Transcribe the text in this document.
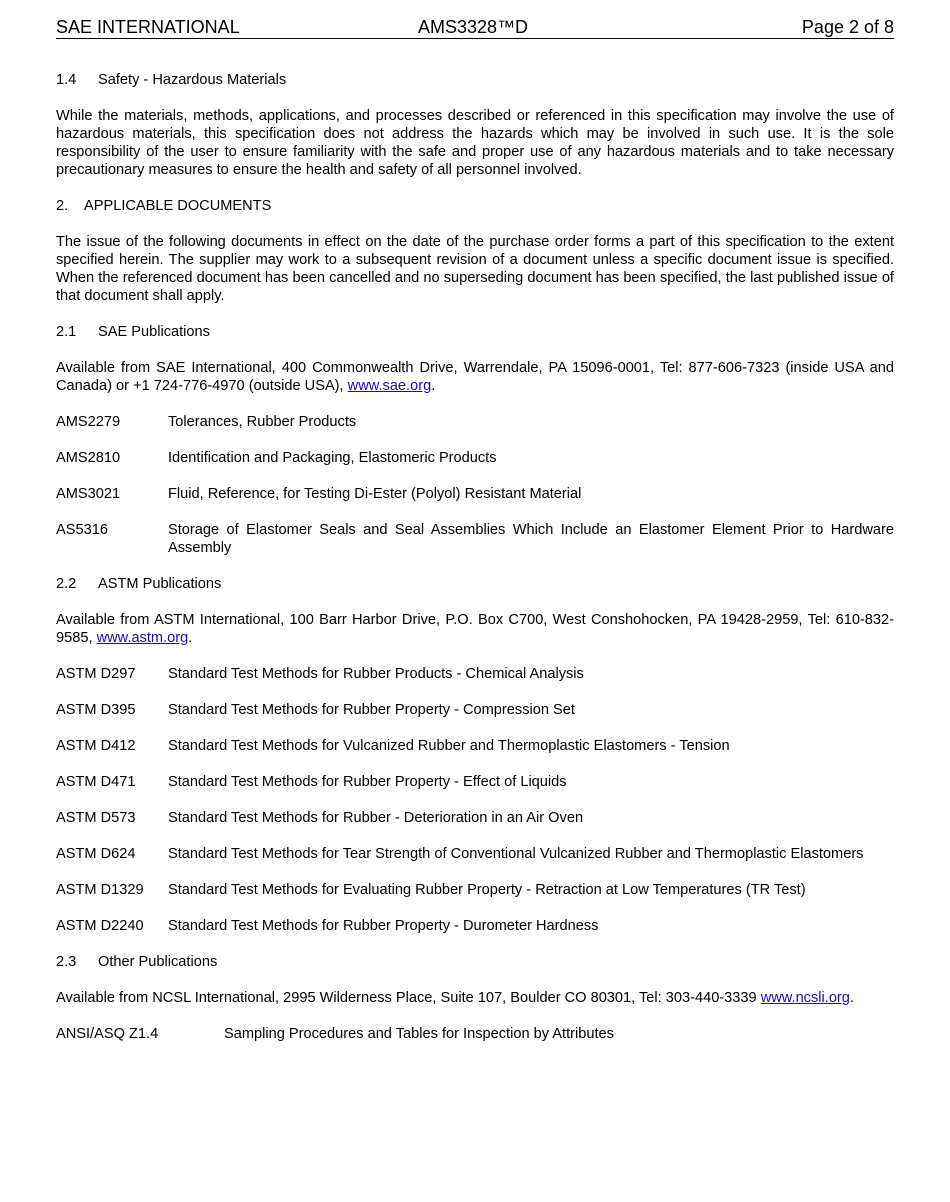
SAE INTERNATIONAL	AMS3328™D	Page 2 of 8
1.4 Safety - Hazardous Materials

While the materials, methods, applications, and processes described or referenced in this specification may involve the use of hazardous materials, this specification does not address the hazards which may be involved in such use. It is the sole responsibility of the user to ensure familiarity with the safe and proper use of any hazardous materials and to take necessary precautionary measures to ensure the health and safety of all personnel involved.

2. APPLICABLE DOCUMENTS

The issue of the following documents in effect on the date of the purchase order forms a part of this specification to the extent specified herein. The supplier may work to a subsequent revision of a document unless a specific document issue is specified. When the referenced document has been cancelled and no superseding document has been specified, the last published issue of that document shall apply.

2.1 SAE Publications

Available from SAE International, 400 Commonwealth Drive, Warrendale, PA 15096-0001, Tel: 877-606-7323 (inside USA and Canada) or +1 724-776-4970 (outside USA), www.sae.org.

AMS2279	Tolerances, Rubber Products
AMS2810	Identification and Packaging, Elastomeric Products
AMS3021	Fluid, Reference, for Testing Di-Ester (Polyol) Resistant Material
AS5316	Storage of Elastomer Seals and Seal Assemblies Which Include an Elastomer Element Prior to Hardware Assembly
2.2 ASTM Publications

Available from ASTM International, 100 Barr Harbor Drive, P.O. Box C700, West Conshohocken, PA 19428-2959, Tel: 610-832-9585, www.astm.org.

ASTM D297	Standard Test Methods for Rubber Products - Chemical Analysis
ASTM D395	Standard Test Methods for Rubber Property - Compression Set
ASTM D412	Standard Test Methods for Vulcanized Rubber and Thermoplastic Elastomers - Tension
ASTM D471	Standard Test Methods for Rubber Property - Effect of Liquids
ASTM D573	Standard Test Methods for Rubber - Deterioration in an Air Oven
ASTM D624	Standard Test Methods for Tear Strength of Conventional Vulcanized Rubber and Thermoplastic Elastomers
ASTM D1329	Standard Test Methods for Evaluating Rubber Property - Retraction at Low Temperatures (TR Test)
ASTM D2240	Standard Test Methods for Rubber Property - Durometer Hardness
2.3 Other Publications

Available from NCSL International, 2995 Wilderness Place, Suite 107, Boulder CO 80301, Tel: 303-440-3339 www.ncsli.org.

ANSI/ASQ Z1.4	Sampling Procedures and Tables for Inspection by Attributes
